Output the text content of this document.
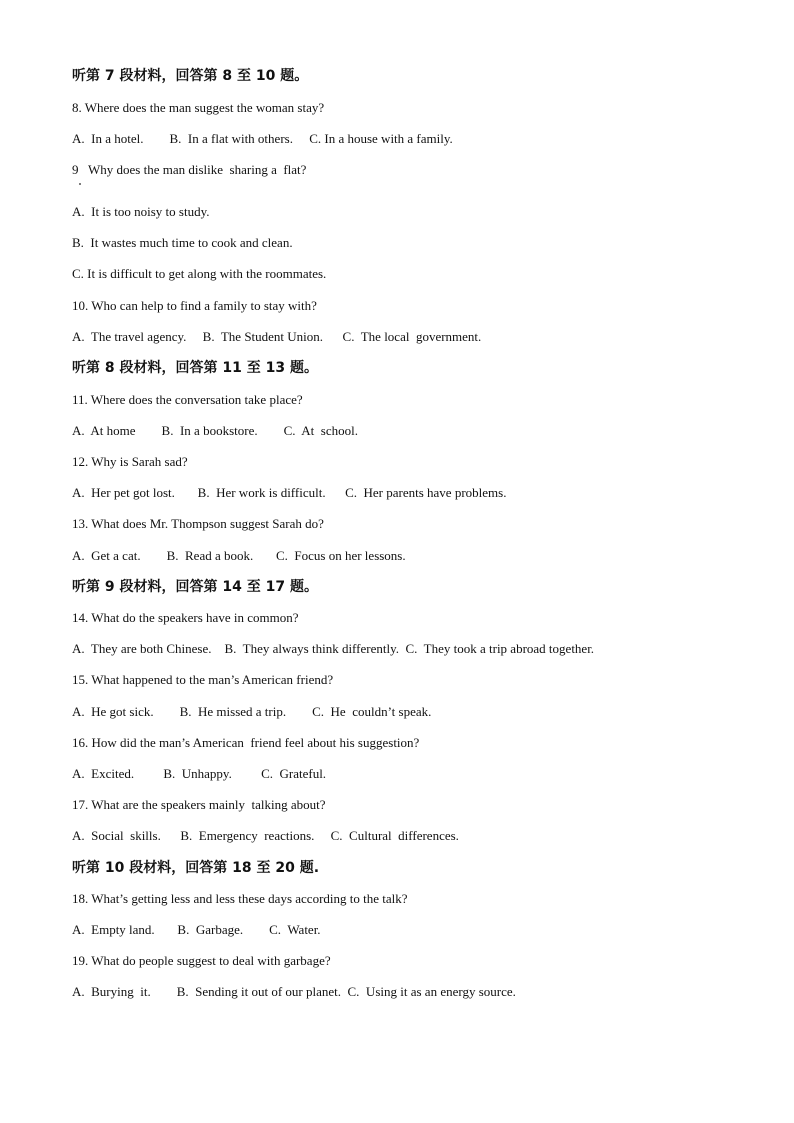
听第 7 段材料，回答第 8 至 10 题。
8. Where does the man suggest the woman stay?
A.  In a hotel.        B.  In a flat with others.     C. In a house with a family.
9   Why does the man dislike  sharing a  flat?
A.  It is too noisy to study.
B.  It wastes much time to cook and clean.
C. It is difficult to get along with the roommates.
10. Who can help to find a family to stay with?
A.  The travel agency.     B.  The Student Union.      C.  The local  government.
听第 8 段材料，回答第 11 至 13 题。
11. Where does the conversation take place?
A.  At home        B.  In a bookstore.        C.  At  school.
12. Why is Sarah sad?
A.  Her pet got lost.       B.  Her work is difficult.      C.  Her parents have problems.
13. What does Mr. Thompson suggest Sarah do?
A.  Get a cat.        B.  Read a book.       C.  Focus on her lessons.
听第 9 段材料，回答第 14 至 17 题。
14. What do the speakers have in common?
A.  They are both Chinese.    B.  They always think differently.  C.  They took a trip abroad together.
15. What happened to the man’s American friend?
A.  He got sick.        B.  He missed a trip.        C.  He  couldn’t speak.
16. How did the man’s American  friend feel about his suggestion?
A.  Excited.         B.  Unhappy.         C.  Grateful.
17. What are the speakers mainly  talking about?
A.  Social  skills.      B.  Emergency  reactions.     C.  Cultural  differences.
听第 10 段材料，回答第 18 至 20 题.
18. What’s getting less and less these days according to the talk?
A.  Empty land.       B.  Garbage.        C.  Water.
19. What do people suggest to deal with garbage?
A.  Burying  it.        B.  Sending it out of our planet.  C.  Using it as an energy source.
